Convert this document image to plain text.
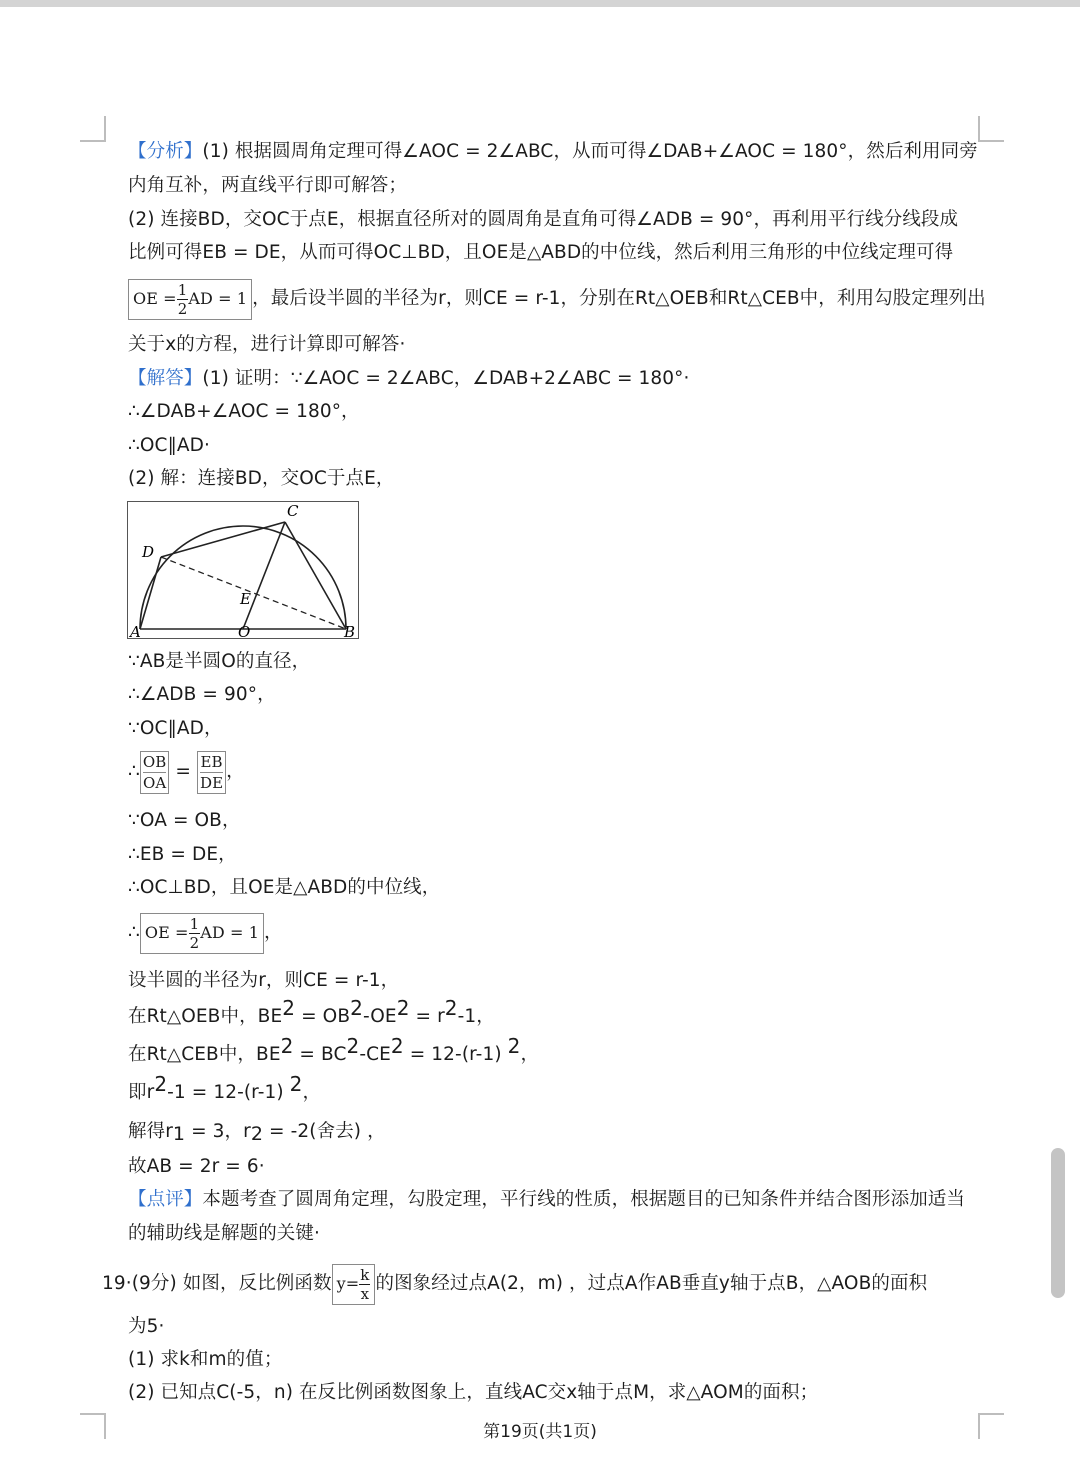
【分析】(1) 根据圆周角定理可得∠AOC = 2∠ABC，从而可得∠DAB+∠AOC = 180°，然后利用同旁
内角互补，两直线平行即可解答；
(2) 连接BD，交OC于点E，根据直径所对的圆周角是直角可得∠ADB = 90°，再利用平行线分线段成
比例可得EB = DE，从而可得OC⊥BD，且OE是△ABD的中位线，然后利用三角形的中位线定理可得
OE = $\frac{1}{2}$ AD = 1 ，最后设半圆的半径为r，则CE = r-1，分别在Rt△OEB和Rt△CEB中，利用勾股定理列出
关于x的方程，进行计算即可解答·
【解答】(1) 证明：∵∠AOC = 2∠ABC，∠DAB+2∠ABC = 180°·
∴∠DAB+∠AOC = 180°，
∴OC∥AD·
(2) 解：连接BD，交OC于点E，
A	O	B
C
D
E
∵AB是半圆O的直径，
∴∠ADB = 90°，
∵OC∥AD，
∴ $\frac{OB}{OA} = \frac{EB}{DE}$ ，
∵OA = OB，
∴EB = DE，
∴OC⊥BD，且OE是△ABD的中位线，
∴ OE = $\frac{1}{2}$ AD = 1 ，
设半圆的半径为r，则CE = r-1，
在Rt△OEB中，$BE^2 = OB^2-OE^2 = r^2-1$，
在Rt△CEB中，$BE^2 = BC^2-CE^2 = 12-(r-1)$ $^2$，
即$r^2-1 = 12-(r-1)$ $^2$，
解得$r_1 = 3$，$r_2 = -2$(舍去) ，
故AB = 2r = 6·
【点评】本题考查了圆周角定理，勾股定理，平行线的性质，根据题目的已知条件并结合图形添加适当
的辅助线是解题的关键·
19·(9分) 如图，反比例函数 $y= \frac{k}{x}$ 的图象经过点A(2，m) ，过点A作AB垂直y轴于点B，△AOB的面积
为5·
(1) 求k和m的值；
(2) 已知点C(-5，n) 在反比例函数图象上，直线AC交x轴于点M，求△AOM的面积；
第19页(共1页)
